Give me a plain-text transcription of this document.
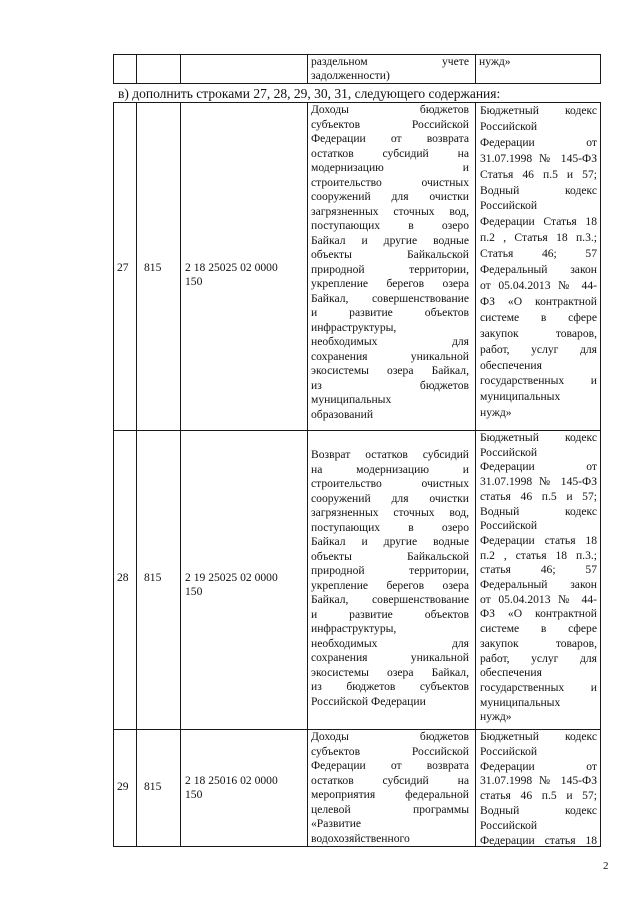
раздельном учете
задолженности)
нужд»
в) дополнить строками 27, 28, 29, 30, 31, следующего содержания:
27 815 2 18 25025 02 0000
150
Доходы бюджетов
субъектов Российской
Федерации от возврата
остатков субсидий на
модернизацию и
строительство очистных
сооружений для очистки
загрязненных сточных вод,
поступающих в озеро
Байкал и другие водные
объекты Байкальской
природной территории,
укрепление берегов озера
Байкал, совершенствование
и развитие объектов
инфраструктуры,
необходимых для
сохранения уникальной
экосистемы озера Байкал,
из бюджетов
муниципальных
образований
Бюджетный кодекс
Российской
Федерации от
31.07.1998 № 145-ФЗ
Статья 46 п.5 и 57;
Водный кодекс
Российской
Федерации Статья 18
п.2 , Статья 18 п.3.;
Статья 46; 57
Федеральный закон
от 05.04.2013 № 44-
ФЗ «О контрактной
системе в сфере
закупок товаров,
работ, услуг для
обеспечения
государственных и
муниципальных
нужд»
28 815 2 19 25025 02 0000
150
Возврат остатков субсидий
на модернизацию и
строительство очистных
сооружений для очистки
загрязненных сточных вод,
поступающих в озеро
Байкал и другие водные
объекты Байкальской
природной территории,
укрепление берегов озера
Байкал, совершенствование
и развитие объектов
инфраструктуры,
необходимых для
сохранения уникальной
экосистемы озера Байкал,
из бюджетов субъектов
Российской Федерации
Бюджетный кодекс
Российской
Федерации от
31.07.1998 № 145-ФЗ
статья 46 п.5 и 57;
Водный кодекс
Российской
Федерации статья 18
п.2 , статья 18 п.3.;
статья 46; 57
Федеральный закон
от 05.04.2013 № 44-
ФЗ «О контрактной
системе в сфере
закупок товаров,
работ, услуг для
обеспечения
государственных и
муниципальных
нужд»
29 815 2 18 25016 02 0000
150
Доходы бюджетов
субъектов Российской
Федерации от возврата
остатков субсидий на
мероприятия федеральной
целевой программы
«Развитие
водохозяйственного
Бюджетный кодекс
Российской
Федерации от
31.07.1998 № 145-ФЗ
статья 46 п.5 и 57;
Водный кодекс
Российской
Федерации статья 18
2
